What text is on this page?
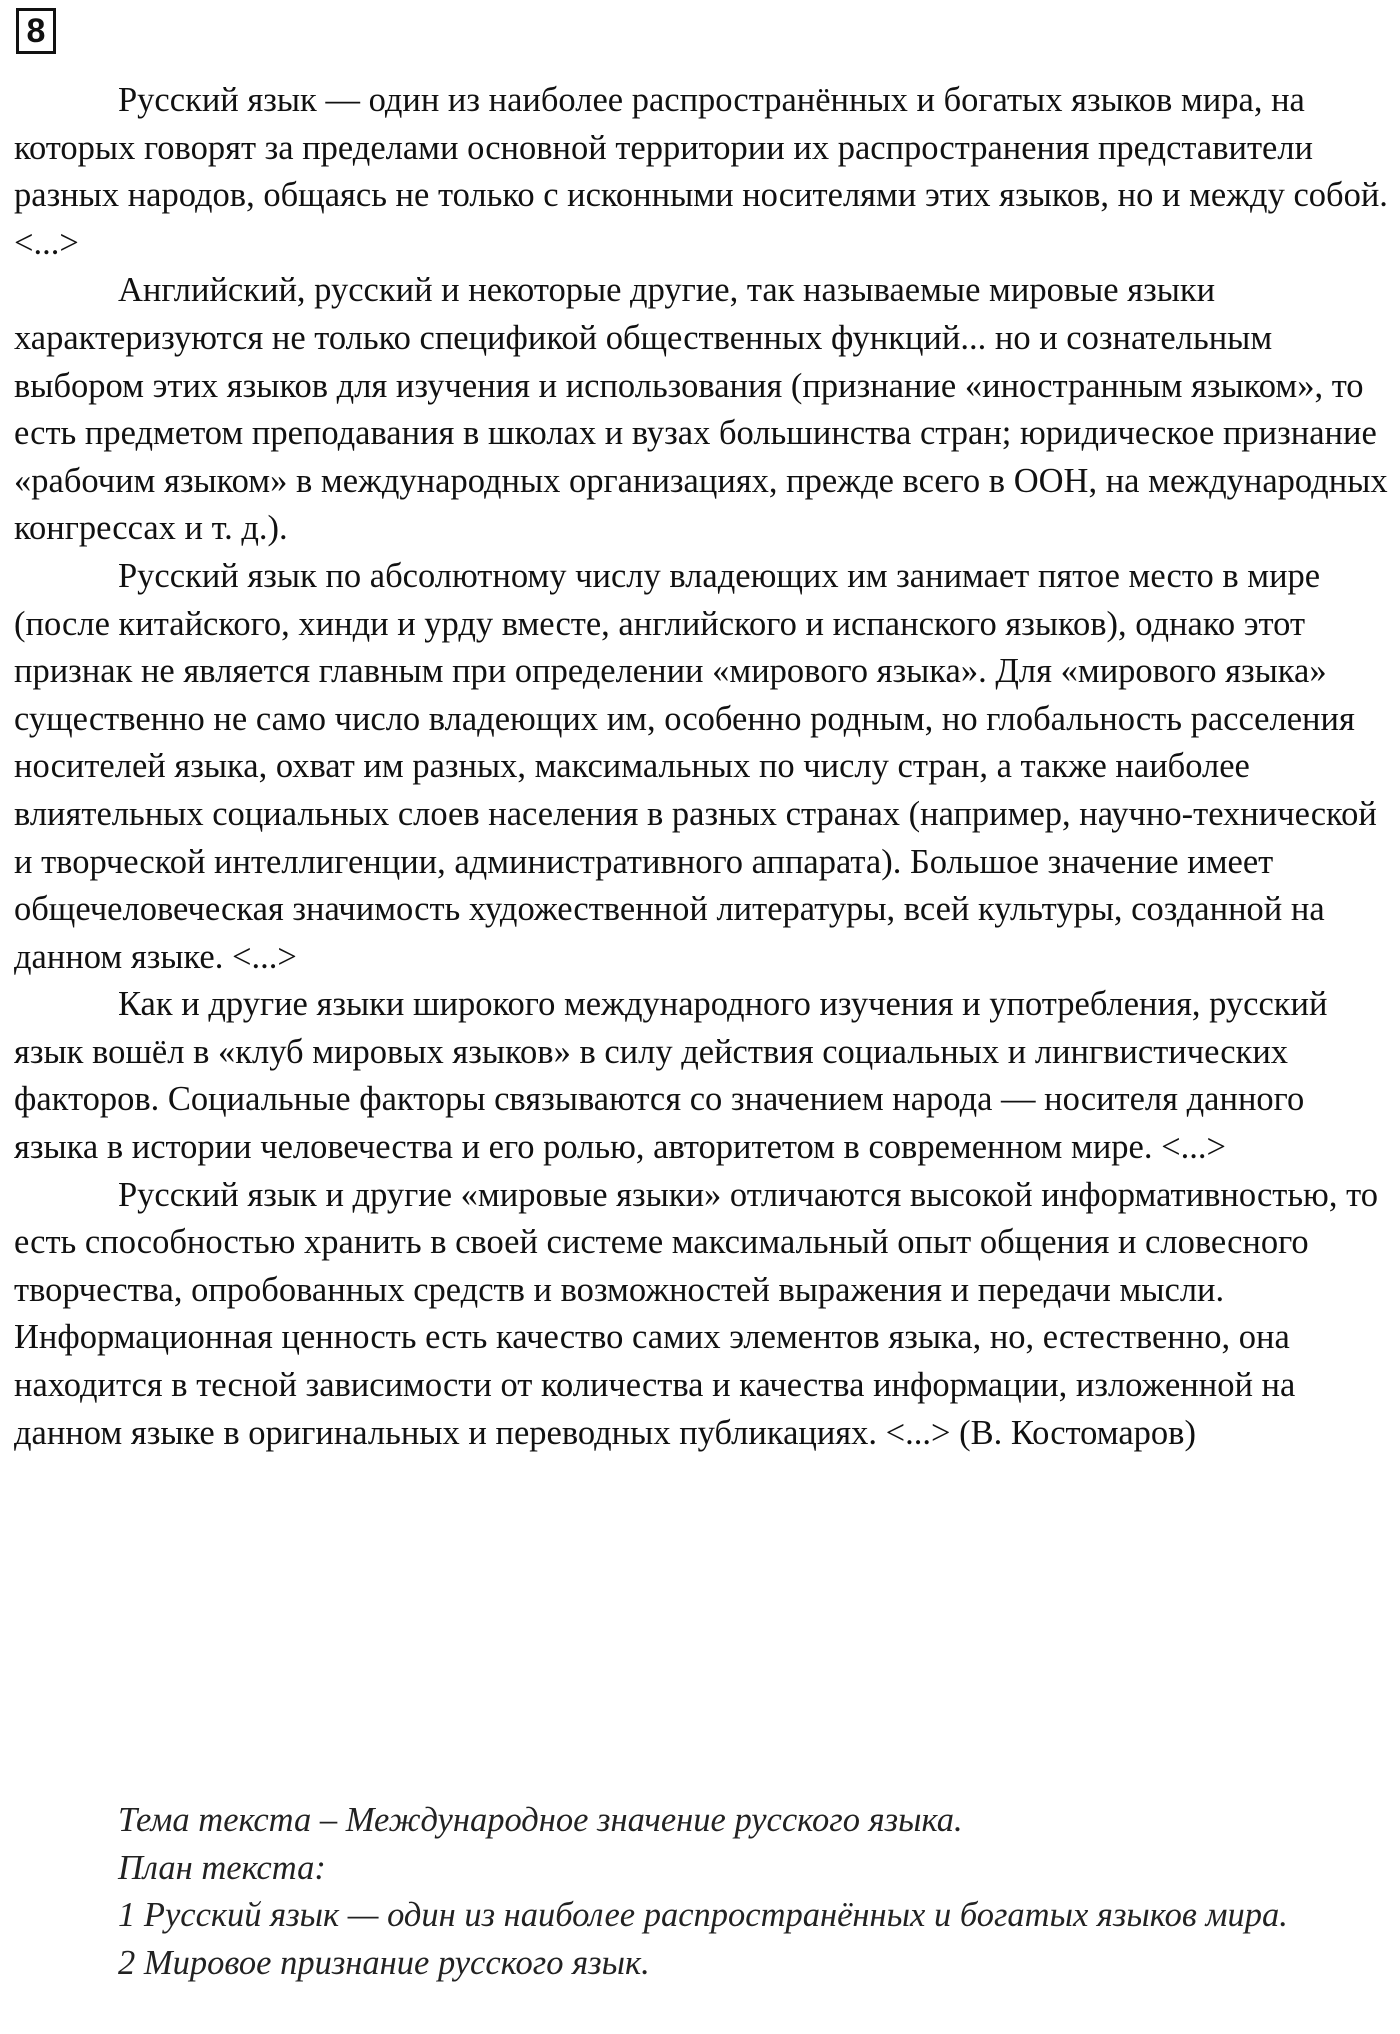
8

Русский язык — один из наиболее распространённых и богатых языков мира, на которых говорят за пределами основной территории их распространения представители разных народов, общаясь не только с исконными носителями этих языков, но и между собой. <...>

Английский, русский и некоторые другие, так называемые мировые языки характеризуются не только спецификой общественных функций... но и сознательным выбором этих языков для изучения и использования (признание «иностранным языком», то есть предметом преподавания в школах и вузах большинства стран; юридическое признание «рабочим языком» в международных организациях, прежде всего в ООН, на международных конгрессах и т. д.).

Русский язык по абсолютному числу владеющих им занимает пятое место в мире (после китайского, хинди и урду вместе, английского и испанского языков), однако этот признак не является главным при определении «мирового языка». Для «мирового языка» существенно не само число владеющих им, особенно родным, но глобальность расселения носителей языка, охват им разных, максимальных по числу стран, а также наиболее влиятельных социальных слоев населения в разных странах (например, научно-технической и творческой интеллигенции, административного аппарата). Большое значение имеет общечеловеческая значимость художественной литературы, всей культуры, созданной на данном языке. <...>

Как и другие языки широкого международного изучения и употребления, русский язык вошёл в «клуб мировых языков» в силу действия социальных и лингвистических факторов. Социальные факторы связываются со значением народа — носителя данного языка в истории человечества и его ролью, авторитетом в современном мире. <...>

Русский язык и другие «мировые языки» отличаются высокой информативностью, то есть способностью хранить в своей системе максимальный опыт общения и словесного творчества, опробованных средств и возможностей выражения и передачи мысли. Информационная ценность есть качество самих элементов языка, но, естественно, она находится в тесной зависимости от количества и качества информации, изложенной на данном языке в оригинальных и переводных публикациях. <...> (В. Костомаров)

Тема текста – Международное значение русского языка.

План текста:

1 Русский язык — один из наиболее распространённых и богатых языков мира.

2 Мировое признание русского язык.
